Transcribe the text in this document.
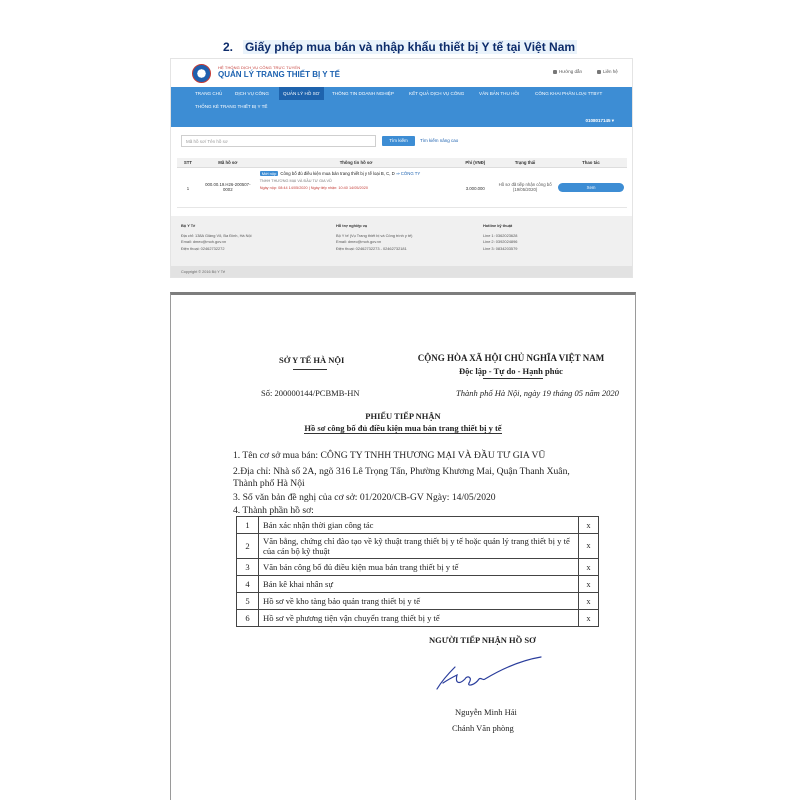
2. Giấy phép mua bán và nhập khẩu thiết bị Y tế tại Việt Nam
HỆ THỐNG DỊCH VỤ CÔNG TRỰC TUYẾN
QUẢN LÝ TRANG THIẾT BỊ Y TẾ	Hướng dẫn	Liên hệ
TRANG CHỦ	DỊCH VỤ CÔNG	QUẢN LÝ HỒ SƠ	THÔNG TIN DOANH NGHIỆP	KẾT QUẢ DỊCH VỤ CÔNG	VĂN BẢN THU HỒI	CÔNG KHAI PHÂN LOẠI TTBYT
THỐNG KÊ TRANG THIẾT BỊ Y TẾ
0108017145 ▾
Mã hồ sơ/ Tên hồ sơ	Tìm kiếm	Tìm kiếm nâng cao
STT	Mã hồ sơ	Thông tin hồ sơ	Phí (VNĐ)	Trạng thái	Thao tác
1	000.00.19.H26-200507-0002	Mới nộp Công bố đủ điều kiện mua bán trang thiết bị y tế loại B, C, D ⇒ CÔNG TY
TNHH THƯƠNG MẠI VÀ ĐẦU TƯ GIA VŨ
Ngày nộp: 08:44 14/05/2020 | Ngày tiếp nhận: 10:40 14/05/2020	3.000.000	Hồ sơ đã tiếp nhận công bố (19/05/2020)	Xem
Bộ Y Tế
Địa chỉ: 138A Giảng Võ, Ba Đình, Hà Nội
Email: dmec@moh.gov.vn
Điện thoại: 02462732272
Hỗ trợ nghiệp vụ
Bộ Y tế (Vụ Trang thiết bị và Công trình y tế)
Email: dmec@moh.gov.vn
Điện thoại: 02462732273 - 02462732181
Hotline kỹ thuật
Line 1: 0362023628
Line 2: 0392024896
Line 3: 0834203579
Copyright © 2016 Bộ Y Tế
SỞ Y TẾ HÀ NỘI	CỘNG HÒA XÃ HỘI CHỦ NGHĨA VIỆT NAM
Độc lập - Tự do - Hạnh phúc
Số: 200000144/PCBMB-HN	Thành phố Hà Nội, ngày 19 tháng 05 năm 2020
PHIẾU TIẾP NHẬN
Hồ sơ công bố đủ điều kiện mua bán trang thiết bị y tế
1. Tên cơ sở mua bán: CÔNG TY TNHH THƯƠNG MẠI VÀ ĐẦU TƯ GIA VŨ
2.Địa chỉ: Nhà số 2A, ngõ 316 Lê Trọng Tấn, Phường Khương Mai, Quận Thanh Xuân, Thành phố Hà Nội
3. Số văn bản đề nghị của cơ sở: 01/2020/CB-GV Ngày: 14/05/2020
4. Thành phần hồ sơ:
1	Bản xác nhận thời gian công tác	x
2	Văn bằng, chứng chỉ đào tạo về kỹ thuật trang thiết bị y tế hoặc quản lý trang thiết bị y tế của cán bộ kỹ thuật	x
3	Văn bản công bố đủ điều kiện mua bán trang thiết bị y tế	x
4	Bản kê khai nhân sự	x
5	Hồ sơ về kho tàng bảo quản trang thiết bị y tế	x
6	Hồ sơ về phương tiện vận chuyển trang thiết bị y tế	x
NGƯỜI TIẾP NHẬN HỒ SƠ
Nguyễn Minh Hải
Chánh Văn phòng
